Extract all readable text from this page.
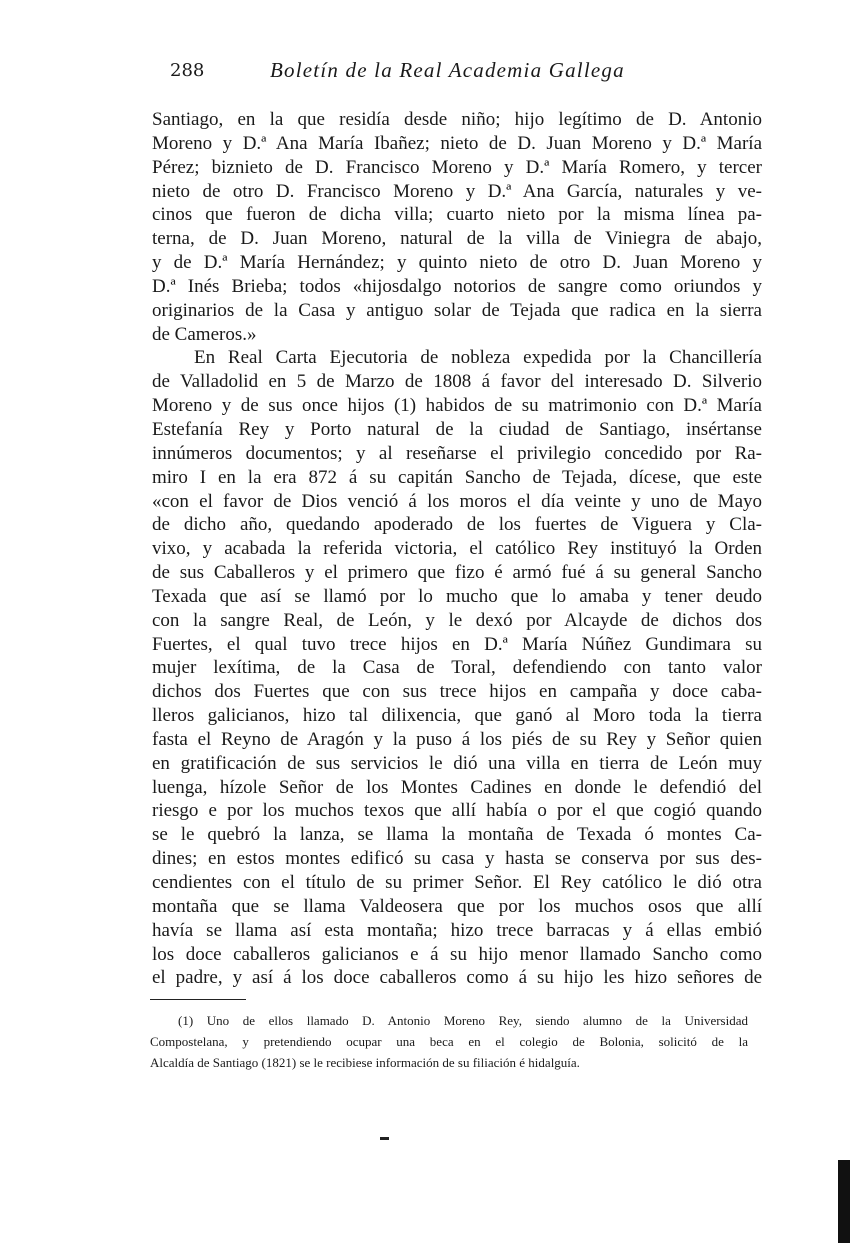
288	Boletín de la Real Academia Gallega
Santiago, en la que residía desde niño; hijo legítimo de D. Antonio
Moreno y D.ª Ana María Ibañez; nieto de D. Juan Moreno y D.ª María
Pérez; biznieto de D. Francisco Moreno y D.ª María Romero, y tercer
nieto de otro D. Francisco Moreno y D.ª Ana García, naturales y ve-
cinos que fueron de dicha villa; cuarto nieto por la misma línea pa-
terna, de D. Juan Moreno, natural de la villa de Viniegra de abajo,
y de D.ª María Hernández; y quinto nieto de otro D. Juan Moreno y
D.ª Inés Brieba; todos «hijosdalgo notorios de sangre como oriundos y
originarios de la Casa y antiguo solar de Tejada que radica en la sierra
de Cameros.»
En Real Carta Ejecutoria de nobleza expedida por la Chancillería
de Valladolid en 5 de Marzo de 1808 á favor del interesado D. Silverio
Moreno y de sus once hijos (1) habidos de su matrimonio con D.ª María
Estefanía Rey y Porto natural de la ciudad de Santiago, insértanse
innúmeros documentos; y al reseñarse el privilegio concedido por Ra-
miro I en la era 872 á su capitán Sancho de Tejada, dícese, que este
«con el favor de Dios venció á los moros el día veinte y uno de Mayo
de dicho año, quedando apoderado de los fuertes de Viguera y Cla-
vixo, y acabada la referida victoria, el católico Rey instituyó la Orden
de sus Caballeros y el primero que fizo é armó fué á su general Sancho
Texada que así se llamó por lo mucho que lo amaba y tener deudo
con la sangre Real, de León, y le dexó por Alcayde de dichos dos
Fuertes, el qual tuvo trece hijos en D.ª María Núñez Gundimara su
mujer lexítima, de la Casa de Toral, defendiendo con tanto valor
dichos dos Fuertes que con sus trece hijos en campaña y doce caba-
lleros galicianos, hizo tal dilixencia, que ganó al Moro toda la tierra
fasta el Reyno de Aragón y la puso á los piés de su Rey y Señor quien
en gratificación de sus servicios le dió una villa en tierra de León muy
luenga, hízole Señor de los Montes Cadines en donde le defendió del
riesgo e por los muchos texos que allí había o por el que cogió quando
se le quebró la lanza, se llama la montaña de Texada ó montes Ca-
dines; en estos montes edificó su casa y hasta se conserva por sus des-
cendientes con el título de su primer Señor. El Rey católico le dió otra
montaña que se llama Valdeosera que por los muchos osos que allí
havía se llama así esta montaña; hizo trece barracas y á ellas embió
los doce caballeros galicianos e á su hijo menor llamado Sancho como
el padre, y así á los doce caballeros como á su hijo les hizo señores de
(1) Uno de ellos llamado D. Antonio Moreno Rey, siendo alumno de la Universidad
Compostelana, y pretendiendo ocupar una beca en el colegio de Bolonia, solicitó de la
Alcaldía de Santiago (1821) se le recibiese información de su filiación é hidalguía.
